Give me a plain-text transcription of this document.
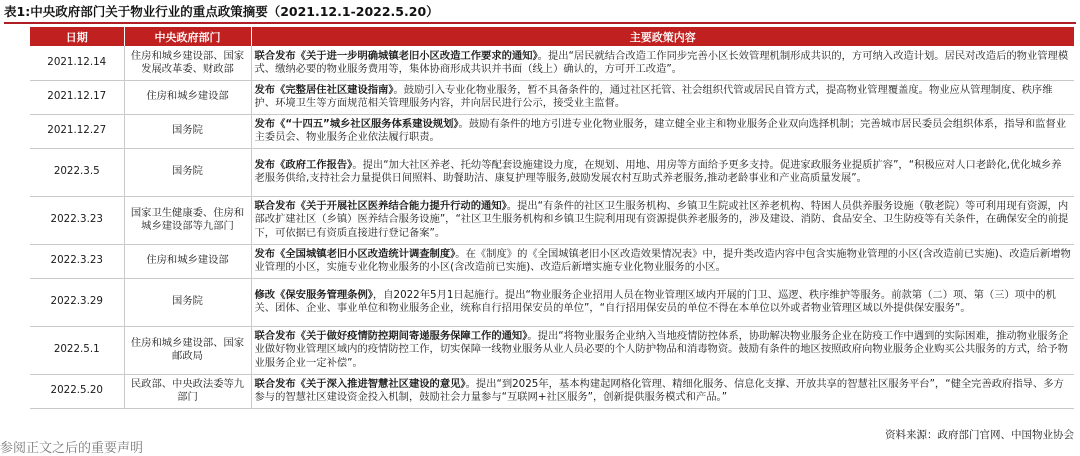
表1:中央政府部门关于物业行业的重点政策摘要（2021.12.1-2022.5.20）
日期	中央政府部门	主要政策内容
2021.12.14	住房和城乡建设部、国家发展改革委、财政部	联合发布《关于进一步明确城镇老旧小区改造工作要求的通知》。提出“居民就结合改造工作同步完善小区长效管理机制形成共识的，方可纳入改造计划。居民对改造后的物业管理模式、缴纳必要的物业服务费用等，集体协商形成共识并书面（线上）确认的，方可开工改造”。
2021.12.17	住房和城乡建设部	发布《完整居住社区建设指南》。鼓励引入专业化物业服务，暂不具备条件的，通过社区托管、社会组织代管或居民自管方式，提高物业管理覆盖度。物业应从管理制度、秩序维护、环境卫生等方面规范相关管理服务内容，并向居民进行公示，接受业主监督。
2021.12.27	国务院	发布《“十四五”城乡社区服务体系建设规划》。鼓励有条件的地方引进专业化物业服务，建立健全业主和物业服务企业双向选择机制；完善城市居民委员会组织体系，指导和监督业主委员会、物业服务企业依法履行职责。
2022.3.5	国务院	发布《政府工作报告》。提出“加大社区养老、托幼等配套设施建设力度，在规划、用地、用房等方面给予更多支持。促进家政服务业提质扩容”，“积极应对人口老龄化,优化城乡养老服务供给,支持社会力量提供日间照料、助餐助洁、康复护理等服务,鼓励发展农村互助式养老服务,推动老龄事业和产业高质量发展”。
2022.3.23	国家卫生健康委、住房和城乡建设部等九部门	联合发布《关于开展社区医养结合能力提升行动的通知》。提出“有条件的社区卫生服务机构、乡镇卫生院或社区养老机构、特困人员供养服务设施（敬老院）等可利用现有资源，内部改扩建社区（乡镇）医养结合服务设施”，“社区卫生服务机构和乡镇卫生院利用现有资源提供养老服务的，涉及建设、消防、食品安全、卫生防疫等有关条件，在确保安全的前提下，可依据已有资质直接进行登记备案”。
2022.3.23	住房和城乡建设部	发布《全国城镇老旧小区改造统计调查制度》。在《制度》的《全国城镇老旧小区改造效果情况表》中，提升类改造内容中包含实施物业管理的小区(含改造前已实施)、改造后新增物业管理的小区，实施专业化物业服务的小区(含改造前已实施)、改造后新增实施专业化物业服务的小区。
2022.3.29	国务院	修改《保安服务管理条例》，自2022年5月1日起施行。提出“物业服务企业招用人员在物业管理区域内开展的门卫、巡逻、秩序维护等服务。前款第（二）项、第（三）项中的机关、团体、企业、事业单位和物业服务企业，统称自行招用保安员的单位”，“自行招用保安员的单位不得在本单位以外或者物业管理区域以外提供保安服务”。
2022.5.1	住房和城乡建设部、国家邮政局	联合发布《关于做好疫情防控期间寄递服务保障工作的通知》。提出“将物业服务企业纳入当地疫情防控体系，协助解决物业服务企业在防疫工作中遇到的实际困难，推动物业服务企业做好物业管理区域内的疫情防控工作，切实保障一线物业服务从业人员必要的个人防护物品和消毒物资。鼓励有条件的地区按照政府向物业服务企业购买公共服务的方式，给予物业服务企业一定补偿”。
2022.5.20	民政部、中央政法委等九部门	联合发布《关于深入推进智慧社区建设的意见》。提出“到2025年，基本构建起网格化管理、精细化服务、信息化支撑、开放共享的智慧社区服务平台”，“健全完善政府指导、多方参与的智慧社区建设资金投入机制，鼓励社会力量参与“互联网+社区服务”，创新提供服务模式和产品。”
资料来源：政府部门官网、中国物业协会
参阅正文之后的重要声明
